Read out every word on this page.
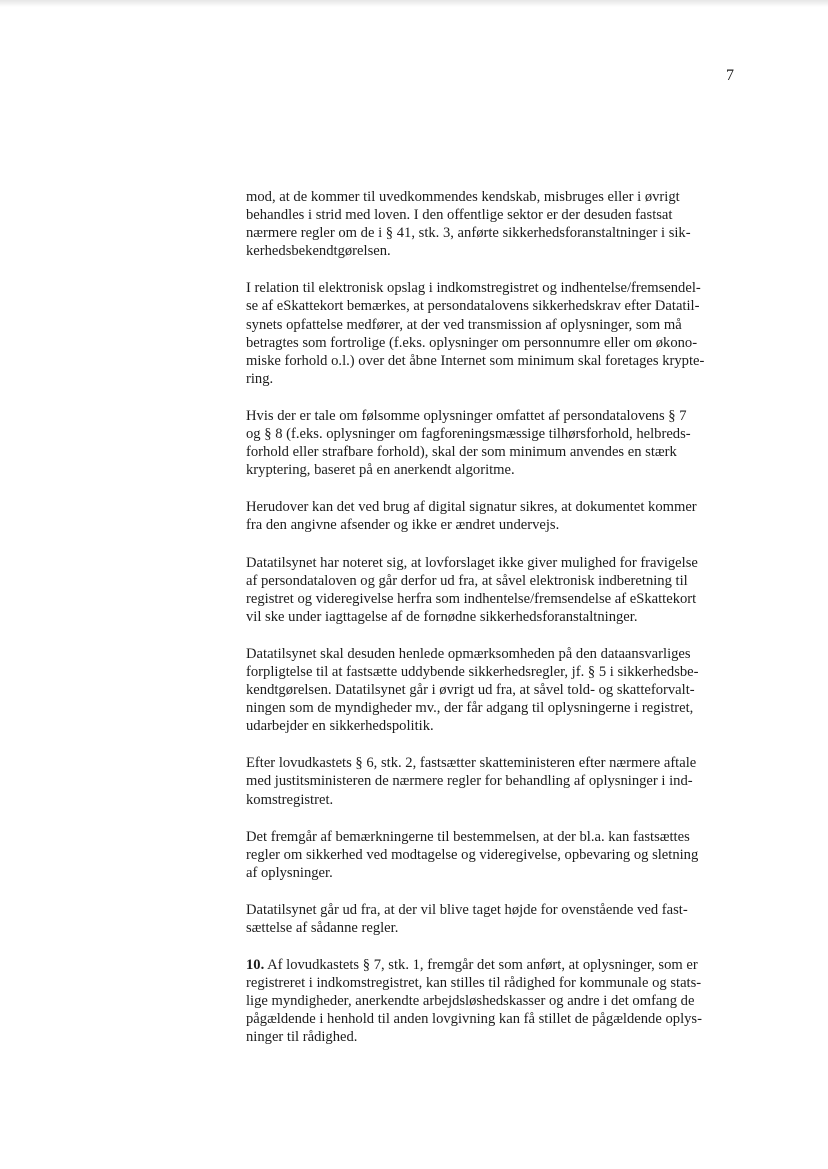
7

mod, at de kommer til uvedkommendes kendskab, misbruges eller i øvrigt
behandles i strid med loven. I den offentlige sektor er der desuden fastsat
nærmere regler om de i § 41, stk. 3, anførte sikkerhedsforanstaltninger i sik-
kerhedsbekendtgørelsen.

I relation til elektronisk opslag i indkomstregistret og indhentelse/fremsendel-
se af eSkattekort bemærkes, at persondatalovens sikkerhedskrav efter Datatil-
synets opfattelse medfører, at der ved transmission af oplysninger, som må
betragtes som fortrolige (f.eks. oplysninger om personnumre eller om økono-
miske forhold o.l.) over det åbne Internet som minimum skal foretages krypte-
ring.

Hvis der er tale om følsomme oplysninger omfattet af persondatalovens § 7
og § 8 (f.eks. oplysninger om fagforeningsmæssige tilhørsforhold, helbreds-
forhold eller strafbare forhold), skal der som minimum anvendes en stærk
kryptering, baseret på en anerkendt algoritme.

Herudover kan det ved brug af digital signatur sikres, at dokumentet kommer
fra den angivne afsender og ikke er ændret undervejs.

Datatilsynet har noteret sig, at lovforslaget ikke giver mulighed for fravigelse
af persondataloven og går derfor ud fra, at såvel elektronisk indberetning til
registret og videregivelse herfra som indhentelse/fremsendelse af eSkattekort
vil ske under iagttagelse af de fornødne sikkerhedsforanstaltninger.

Datatilsynet skal desuden henlede opmærksomheden på den dataansvarliges
forpligtelse til at fastsætte uddybende sikkerhedsregler, jf. § 5 i sikkerhedsbe-
kendtgørelsen. Datatilsynet går i øvrigt ud fra, at såvel told- og skatteforvalt-
ningen som de myndigheder mv., der får adgang til oplysningerne i registret,
udarbejder en sikkerhedspolitik.

Efter lovudkastets § 6, stk. 2, fastsætter skatteministeren efter nærmere aftale
med justitsministeren de nærmere regler for behandling af oplysninger i ind-
komstregistret.

Det fremgår af bemærkningerne til bestemmelsen, at der bl.a. kan fastsættes
regler om sikkerhed ved modtagelse og videregivelse, opbevaring og sletning
af oplysninger.

Datatilsynet går ud fra, at der vil blive taget højde for ovenstående ved fast-
sættelse af sådanne regler.

10. Af lovudkastets § 7, stk. 1, fremgår det som anført, at oplysninger, som er
registreret i indkomstregistret, kan stilles til rådighed for kommunale og stats-
lige myndigheder, anerkendte arbejdsløshedskasser og andre i det omfang de
pågældende i henhold til anden lovgivning kan få stillet de pågældende oplys-
ninger til rådighed.
